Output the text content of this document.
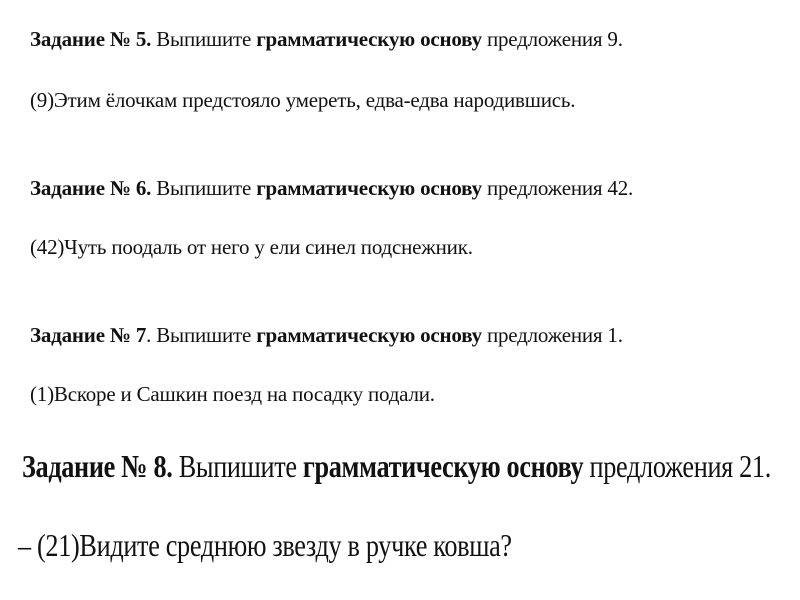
Задание № 5. Выпишите грамматическую основу предложения 9.

(9)Этим ёлочкам предстояло умереть, едва-едва народившись.

Задание № 6. Выпишите грамматическую основу предложения 42.

(42)Чуть поодаль от него у ели синел подснежник.

Задание № 7. Выпишите грамматическую основу предложения 1.

(1)Вскоре и Сашкин поезд на посадку подали.

Задание № 8. Выпишите грамматическую основу предложения 21.

– (21)Видите среднюю звезду в ручке ковша?
